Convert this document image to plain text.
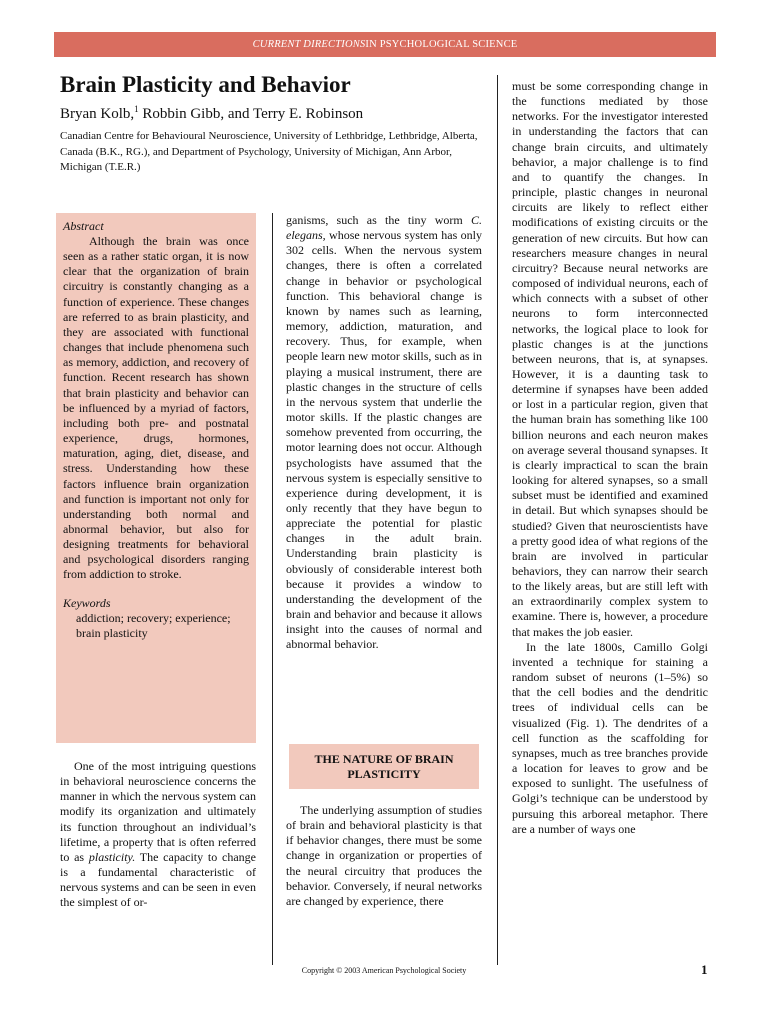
CURRENT DIRECTIONS IN PSYCHOLOGICAL SCIENCE
Brain Plasticity and Behavior
Bryan Kolb,$^1$ Robbin Gibb, and Terry E. Robinson
Canadian Centre for Behavioural Neuroscience, University of Lethbridge, Lethbridge, Alberta, Canada (B.K., RG.), and Department of Psychology, University of Michigan, Ann Arbor, Michigan (T.E.R.)
Abstract

Although the brain was once seen as a rather static organ, it is now clear that the organization of brain circuitry is constantly changing as a function of experience. These changes are referred to as brain plasticity, and they are associated with functional changes that include phenomena such as memory, addiction, and recovery of function. Recent research has shown that brain plasticity and behavior can be influenced by a myriad of factors, including both pre- and postnatal experience, drugs, hormones, maturation, aging, diet, disease, and stress. Understanding how these factors influence brain organization and function is important not only for understanding both normal and abnormal behavior, but also for designing treatments for behavioral and psychological disorders ranging from addiction to stroke.

Keywords
addiction; recovery; experience; brain plasticity

One of the most intriguing questions in behavioral neuroscience concerns the manner in which the nervous system can modify its organization and ultimately its function throughout an individual’s lifetime, a property that is often referred to as plasticity. The capacity to change is a fundamental characteristic of nervous systems and can be seen in even the simplest of or-

ganisms, such as the tiny worm C. elegans, whose nervous system has only 302 cells. When the nervous system changes, there is often a correlated change in behavior or psychological function. This behavioral change is known by names such as learning, memory, addiction, maturation, and recovery. Thus, for example, when people learn new motor skills, such as in playing a musical instrument, there are plastic changes in the structure of cells in the nervous system that underlie the motor skills. If the plastic changes are somehow prevented from occurring, the motor learning does not occur. Although psychologists have assumed that the nervous system is especially sensitive to experience during development, it is only recently that they have begun to appreciate the potential for plastic changes in the adult brain. Understanding brain plasticity is obviously of considerable interest both because it provides a window to understanding the development of the brain and behavior and because it allows insight into the causes of normal and abnormal behavior.

THE NATURE OF BRAIN PLASTICITY

The underlying assumption of studies of brain and behavioral plasticity is that if behavior changes, there must be some change in organization or properties of the neural circuitry that produces the behavior. Conversely, if neural networks are changed by experience, there

must be some corresponding change in the functions mediated by those networks. For the investigator interested in understanding the factors that can change brain circuits, and ultimately behavior, a major challenge is to find and to quantify the changes. In principle, plastic changes in neuronal circuits are likely to reflect either modifications of existing circuits or the generation of new circuits. But how can researchers measure changes in neural circuitry? Because neural networks are composed of individual neurons, each of which connects with a subset of other neurons to form interconnected networks, the logical place to look for plastic changes is at the junctions between neurons, that is, at synapses. However, it is a daunting task to determine if synapses have been added or lost in a particular region, given that the human brain has something like 100 billion neurons and each neuron makes on average several thousand synapses. It is clearly impractical to scan the brain looking for altered synapses, so a small subset must be identified and examined in detail. But which synapses should be studied? Given that neuroscientists have a pretty good idea of what regions of the brain are involved in particular behaviors, they can narrow their search to the likely areas, but are still left with an extraordinarily complex system to examine. There is, however, a procedure that makes the job easier.
In the late 1800s, Camillo Golgi invented a technique for staining a random subset of neurons (1–5%) so that the cell bodies and the dendritic trees of individual cells can be visualized (Fig. 1). The dendrites of a cell function as the scaffolding for synapses, much as tree branches provide a location for leaves to grow and be exposed to sunlight. The usefulness of Golgi’s technique can be understood by pursuing this arboreal metaphor. There are a number of ways one
Copyright © 2003 American Psychological Society	1
